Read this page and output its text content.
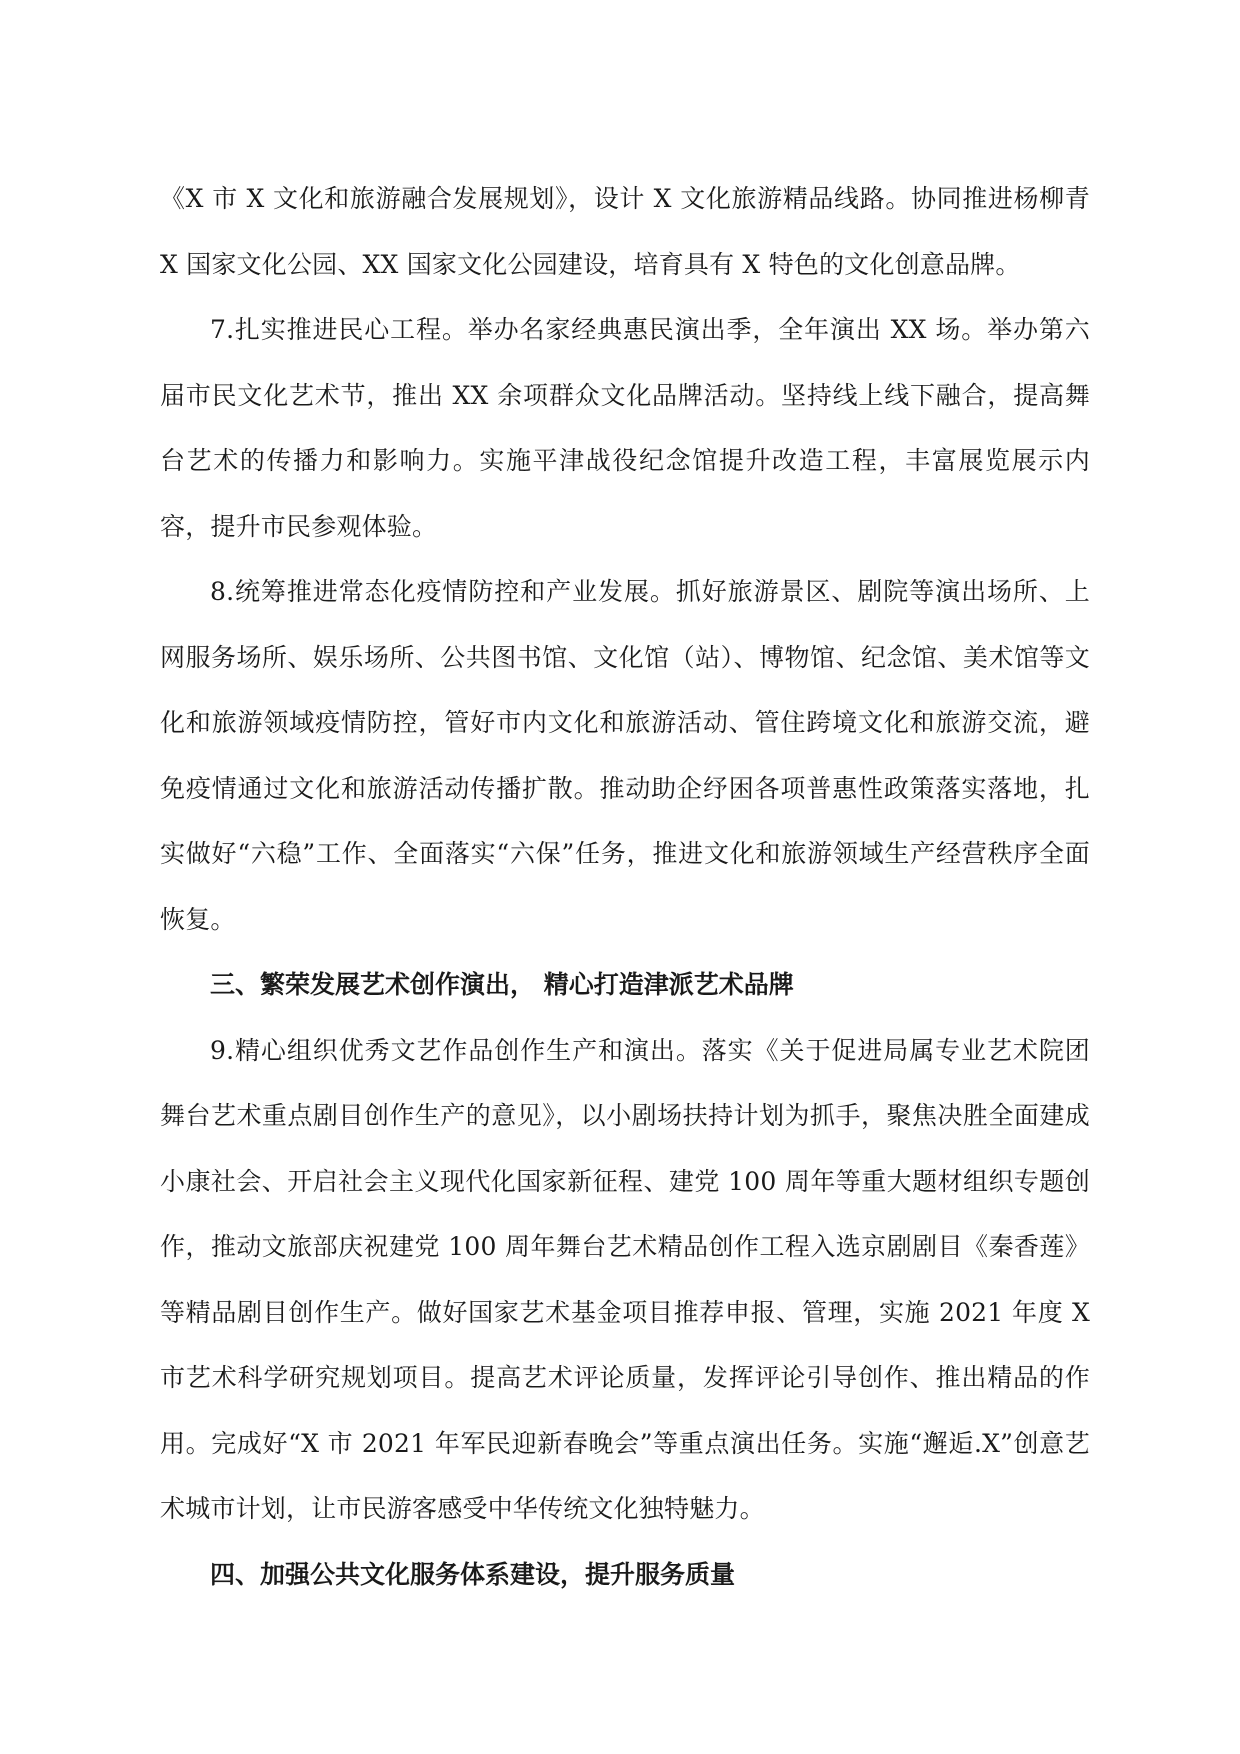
《X 市 X 文化和旅游融合发展规划》，设计 X 文化旅游精品线路。协同推进杨柳青 X 国家文化公园、XX 国家文化公园建设，培育具有 X 特色的文化创意品牌。

7.扎实推进民心工程。举办名家经典惠民演出季，全年演出 XX 场。举办第六届市民文化艺术节，推出 XX 余项群众文化品牌活动。坚持线上线下融合，提高舞台艺术的传播力和影响力。实施平津战役纪念馆提升改造工程，丰富展览展示内容，提升市民参观体验。

8.统筹推进常态化疫情防控和产业发展。抓好旅游景区、剧院等演出场所、上网服务场所、娱乐场所、公共图书馆、文化馆（站）、博物馆、纪念馆、美术馆等文化和旅游领域疫情防控，管好市内文化和旅游活动、管住跨境文化和旅游交流，避免疫情通过文化和旅游活动传播扩散。推动助企纾困各项普惠性政策落实落地，扎实做好“六稳”工作、全面落实“六保”任务，推进文化和旅游领域生产经营秩序全面恢复。

三、繁荣发展艺术创作演出， 精心打造津派艺术品牌

9.精心组织优秀文艺作品创作生产和演出。落实《关于促进局属专业艺术院团舞台艺术重点剧目创作生产的意见》，以小剧场扶持计划为抓手，聚焦决胜全面建成小康社会、开启社会主义现代化国家新征程、建党 100 周年等重大题材组织专题创作，推动文旅部庆祝建党 100 周年舞台艺术精品创作工程入选京剧剧目《秦香莲》等精品剧目创作生产。做好国家艺术基金项目推荐申报、管理，实施 2021 年度 X 市艺术科学研究规划项目。提高艺术评论质量，发挥评论引导创作、推出精品的作用。完成好“X 市 2021 年军民迎新春晚会”等重点演出任务。实施“邂逅.X”创意艺术城市计划，让市民游客感受中华传统文化独特魅力。

四、加强公共文化服务体系建设，提升服务质量
